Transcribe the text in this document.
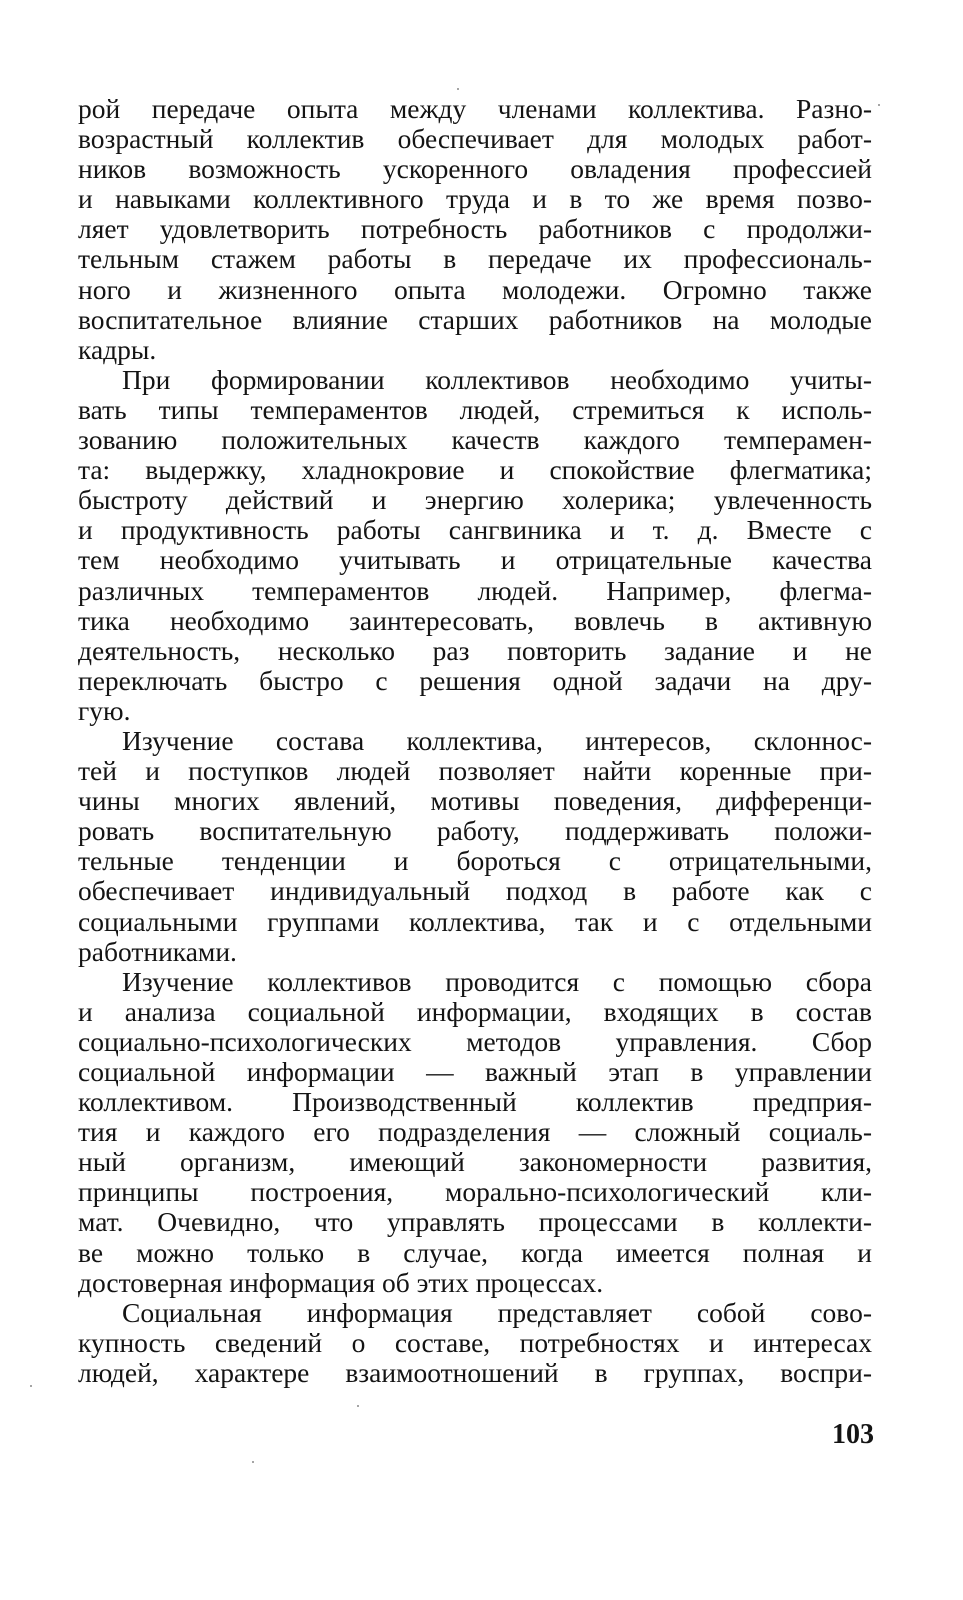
рой передаче опыта между членами коллектива. Разно-
возрастный коллектив обеспечивает для молодых работ-
ников возможность ускоренного овладения профессией
и навыками коллективного труда и в то же время позво-
ляет удовлетворить потребность работников с продолжи-
тельным стажем работы в передаче их профессиональ-
ного и жизненного опыта молодежи. Огромно также
воспитательное влияние старших работников на молодые
кадры.
При формировании коллективов необходимо учиты-
вать типы темпераментов людей, стремиться к исполь-
зованию положительных качеств каждого темперамен-
та: выдержку, хладнокровие и спокойствие флегматика;
быстроту действий и энергию холерика; увлеченность
и продуктивность работы сангвиника и т. д. Вместе с
тем необходимо учитывать и отрицательные качества
различных темпераментов людей. Например, флегма-
тика необходимо заинтересовать, вовлечь в активную
деятельность, несколько раз повторить задание и не
переключать быстро с решения одной задачи на дру-
гую.
Изучение состава коллектива, интересов, склоннос-
тей и поступков людей позволяет найти коренные при-
чины многих явлений, мотивы поведения, дифференци-
ровать воспитательную работу, поддерживать положи-
тельные тенденции и бороться с отрицательными,
обеспечивает индивидуальный подход в работе как с
социальными группами коллектива, так и с отдельными
работниками.
Изучение коллективов проводится с помощью сбора
и анализа социальной информации, входящих в состав
социально-психологических методов управления. Сбор
социальной информации — важный этап в управлении
коллективом. Производственный коллектив предприя-
тия и каждого его подразделения — сложный социаль-
ный организм, имеющий закономерности развития,
принципы построения, морально-психологический кли-
мат. Очевидно, что управлять процессами в коллекти-
ве можно только в случае, когда имеется полная и
достоверная информация об этих процессах.
Социальная информация представляет собой сово-
купность сведений о составе, потребностях и интересах
людей, характере взаимоотношений в группах, воспри-
103
